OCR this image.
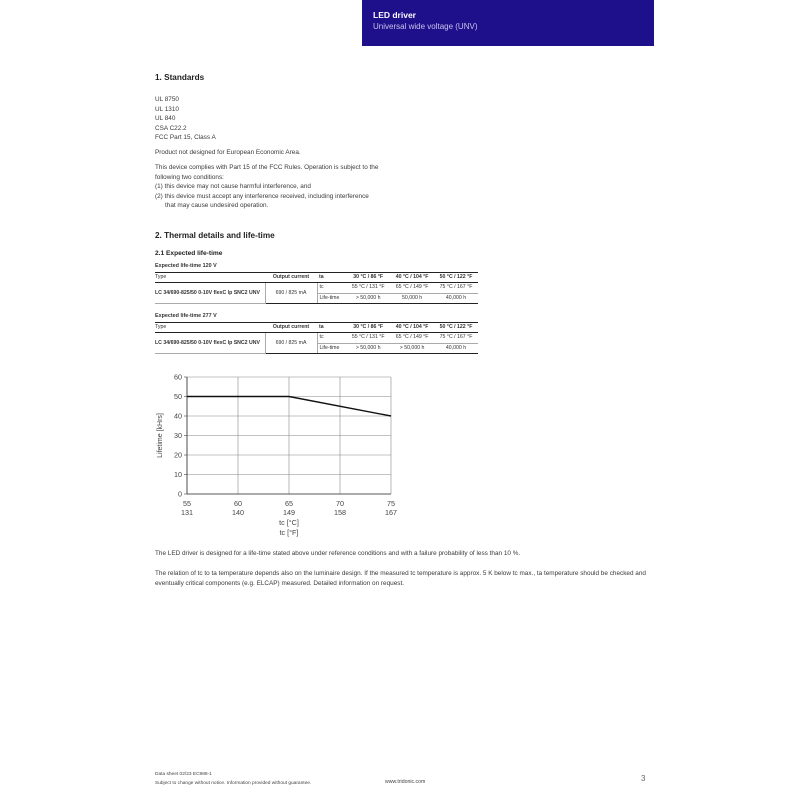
LED driver
Universal wide voltage (UNV)
1. Standards
UL 8750
UL 1310
UL 840
CSA C22.2
FCC Part 15, Class A
Product not designed for European Economic Area.
This device complies with Part 15 of the FCC Rules. Operation is subject to the
following two conditions:
(1) this device may not cause harmful interference, and
(2) this device must accept any interference received, including interference
that may cause undesired operation.
2. Thermal details and life-time
2.1 Expected life-time
Expected life-time 120 V					
Type	Output current	ta	30 °C / 86 °F	40 °C / 104 °F	50 °C / 122 °F
LC 34/690-825/50 0-10V flexC lp SNC2 UNV	690 / 825 mA	tc	55 °C / 131 °F	65 °C / 149 °F	75 °C / 167 °F
		Life-time	> 50,000 h	50,000 h	40,000 h
Expected life-time 277 V					
Type	Output current	ta	30 °C / 86 °F	40 °C / 104 °F	50 °C / 122 °F
LC 34/690-825/50 0-10V flexC lp SNC2 UNV	690 / 825 mA	tc	55 °C / 131 °F	65 °C / 149 °F	75 °C / 167 °F
		Life-time	> 50,000 h	> 50,000 h	40,000 h
0
10
20
30
40
50
60
55
131
60
140
65
149
70
158
75
167
tc [°C]
tc [°F]
Lifetime [kHrs]
The LED driver is designed for a life-time stated above under reference conditions and with a failure probability of less than 10 %.
The relation of tc to ta temperature depends also on the luminaire design. If the measured tc temperature is approx. 5 K below tc max., ta temperature should be checked and eventually critical components (e.g. ELCAP) measured. Detailed information on request.
Data sheet 02/23 EC988-1
Subject to change without notice. Information provided without guarantee.	www.tridonic.com	3
